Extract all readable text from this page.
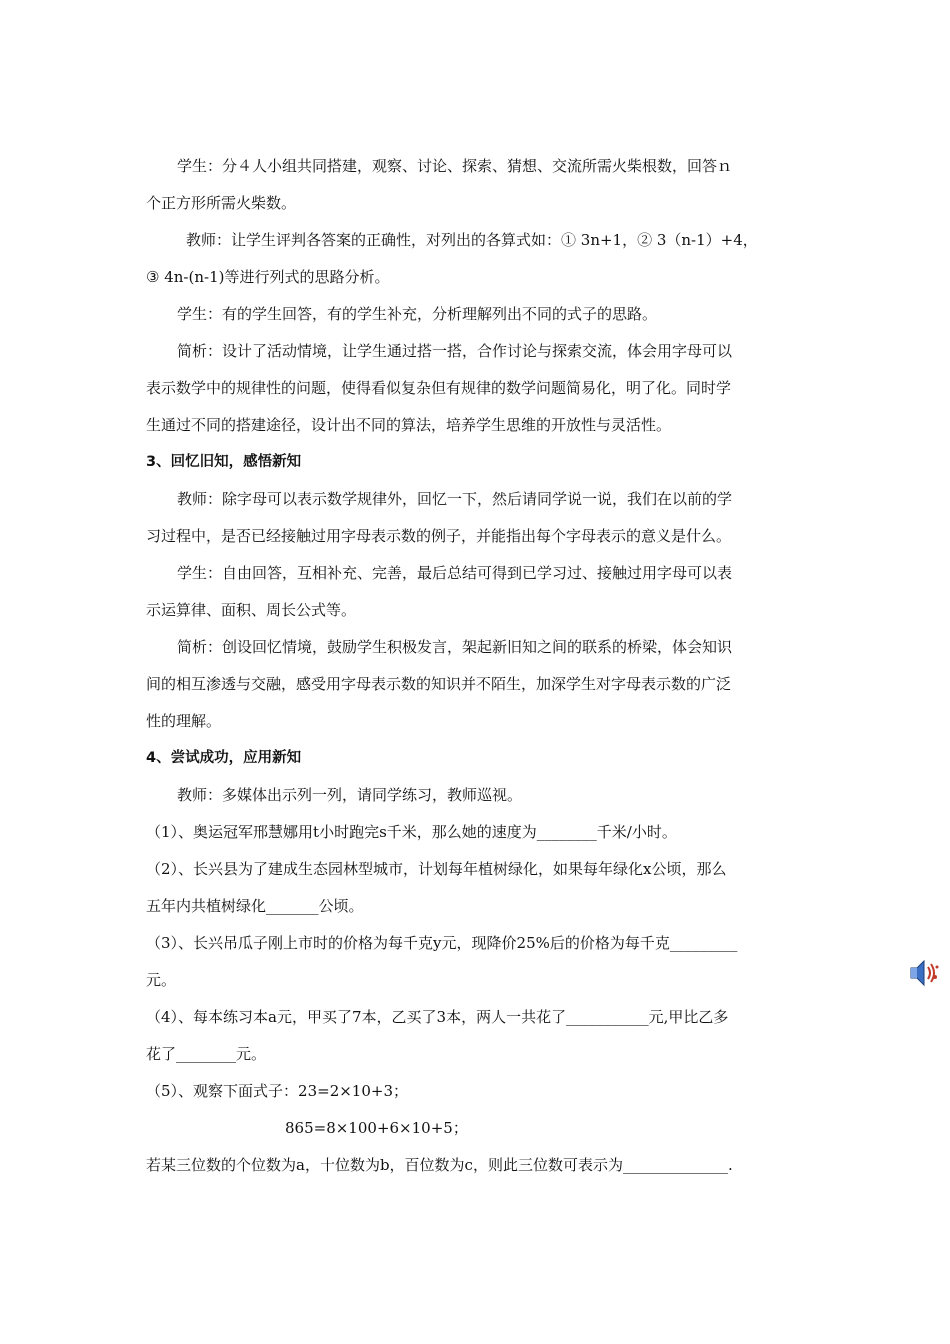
学生：分４人小组共同搭建，观察、讨论、探索、猜想、交流所需火柴根数，回答ｎ

个正方形所需火柴数。

教师：让学生评判各答案的正确性，对列出的各算式如：① 3n+1，② 3（n-1）+4，

③ 4n-(n-1)等进行列式的思路分析。

学生：有的学生回答，有的学生补充，分析理解列出不同的式子的思路。

简析：设计了活动情境，让学生通过搭一搭，合作讨论与探索交流，体会用字母可以

表示数学中的规律性的问题，使得看似复杂但有规律的数学问题简易化，明了化。同时学

生通过不同的搭建途径，设计出不同的算法，培养学生思维的开放性与灵活性。

3、回忆旧知，感悟新知

教师：除字母可以表示数学规律外，回忆一下，然后请同学说一说，我们在以前的学

习过程中，是否已经接触过用字母表示数的例子，并能指出每个字母表示的意义是什么。

学生：自由回答，互相补充、完善，最后总结可得到已学习过、接触过用字母可以表

示运算律、面积、周长公式等。

简析：创设回忆情境，鼓励学生积极发言，架起新旧知之间的联系的桥梁，体会知识

间的相互渗透与交融，感受用字母表示数的知识并不陌生，加深学生对字母表示数的广泛

性的理解。

4、尝试成功，应用新知

教师：多媒体出示列一列，请同学练习，教师巡视。

（1）、奥运冠军邢慧娜用t小时跑完s千米，那么她的速度为________千米/小时。

（2）、长兴县为了建成生态园林型城市，计划每年植树绿化，如果每年绿化x公顷，那么

五年内共植树绿化_______公顷。

（3）、长兴吊瓜子刚上市时的价格为每千克y元，现降价25%后的价格为每千克_________

元。

（4）、每本练习本a元，甲买了7本，乙买了3本，两人一共花了___________元,甲比乙多

花了________元。

（5）、观察下面式子：23=2×10+3；

865=8×100+6×10+5；

若某三位数的个位数为a，十位数为b，百位数为c，则此三位数可表示为______________.
